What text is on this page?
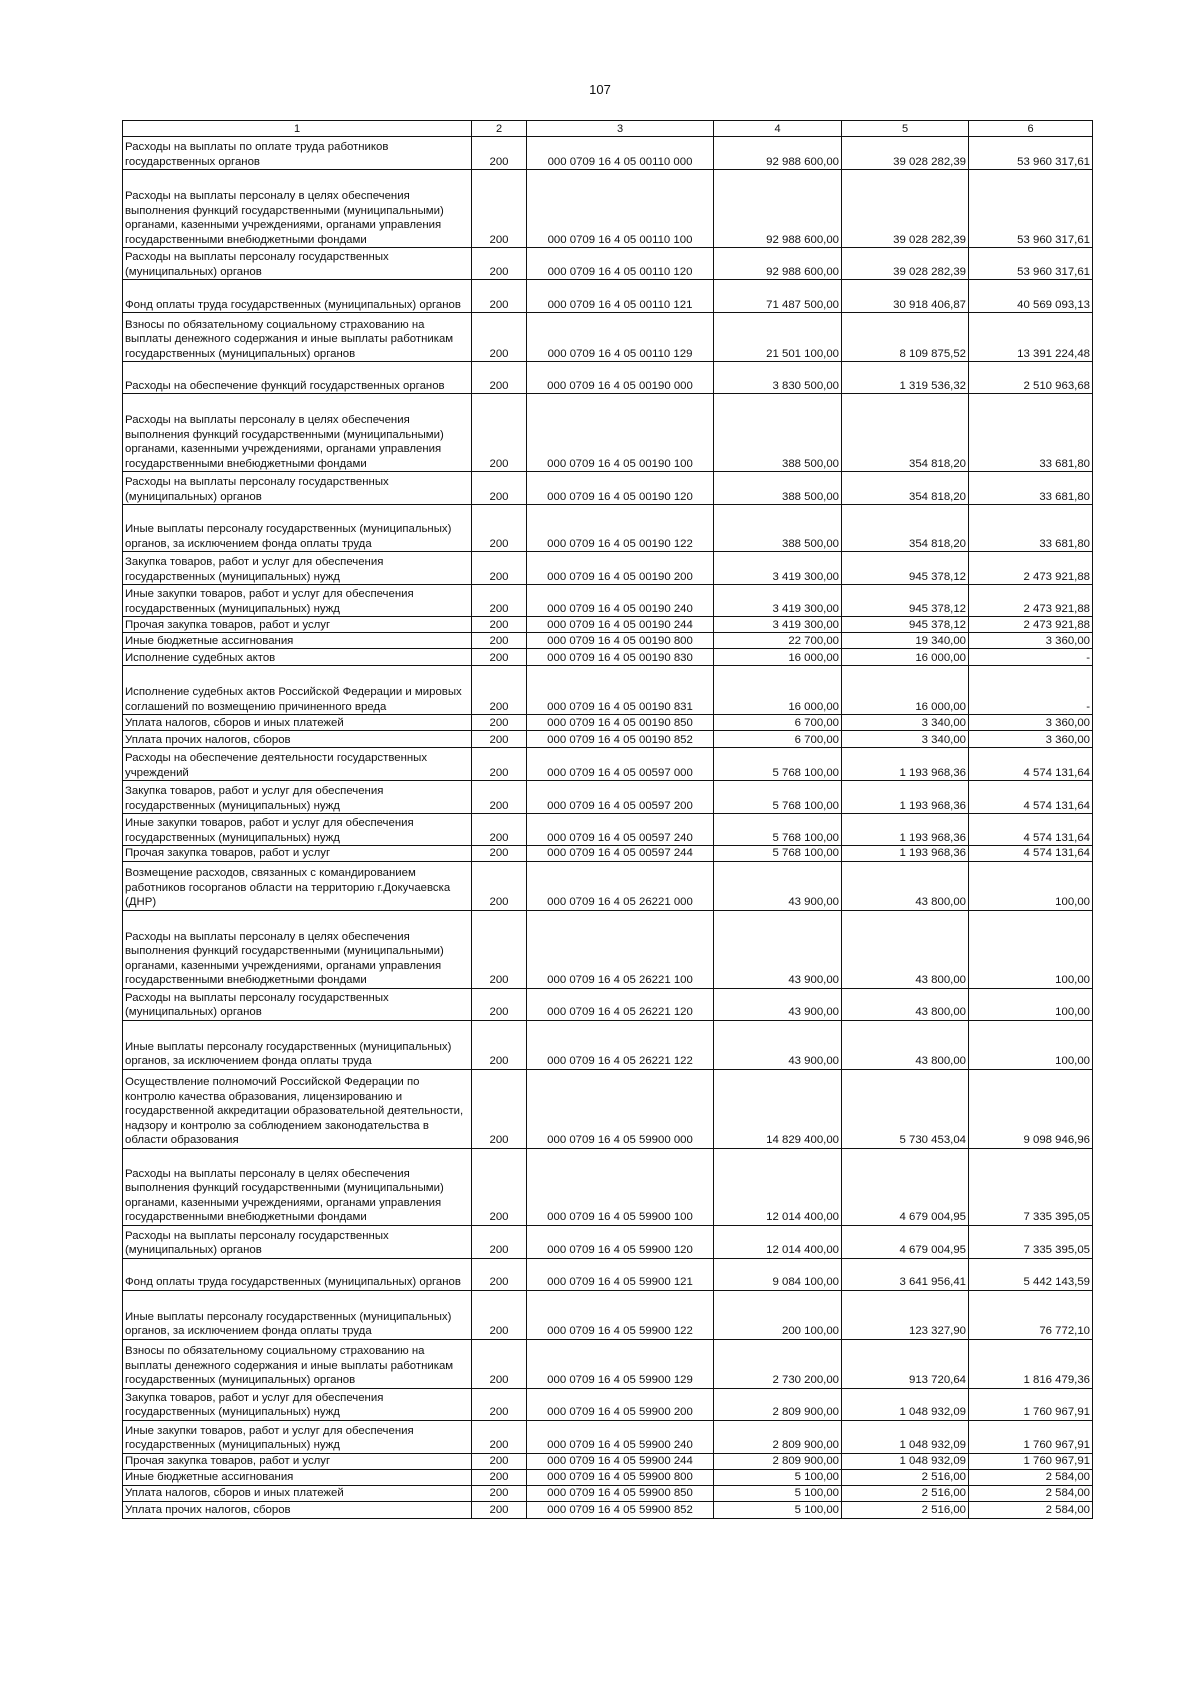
107
1	2	3	4	5	6
Расходы на выплаты по оплате труда работников государственных органов	200	000 0709 16 4 05 00110 000	92 988 600,00	39 028 282,39	53 960 317,61
Расходы на выплаты персоналу в целях обеспечения выполнения функций государственными (муниципальными) органами, казенными учреждениями, органами управления государственными внебюджетными фондами	200	000 0709 16 4 05 00110 100	92 988 600,00	39 028 282,39	53 960 317,61
Расходы на выплаты персоналу государственных (муниципальных) органов	200	000 0709 16 4 05 00110 120	92 988 600,00	39 028 282,39	53 960 317,61
Фонд оплаты труда государственных (муниципальных) органов	200	000 0709 16 4 05 00110 121	71 487 500,00	30 918 406,87	40 569 093,13
Взносы по обязательному социальному страхованию на выплаты денежного содержания и иные выплаты работникам государственных (муниципальных) органов	200	000 0709 16 4 05 00110 129	21 501 100,00	8 109 875,52	13 391 224,48
Расходы на обеспечение функций государственных органов	200	000 0709 16 4 05 00190 000	3 830 500,00	1 319 536,32	2 510 963,68
Расходы на выплаты персоналу в целях обеспечения выполнения функций государственными (муниципальными) органами, казенными учреждениями, органами управления государственными внебюджетными фондами	200	000 0709 16 4 05 00190 100	388 500,00	354 818,20	33 681,80
Расходы на выплаты персоналу государственных (муниципальных) органов	200	000 0709 16 4 05 00190 120	388 500,00	354 818,20	33 681,80
Иные выплаты персоналу государственных (муниципальных) органов, за исключением фонда оплаты труда	200	000 0709 16 4 05 00190 122	388 500,00	354 818,20	33 681,80
Закупка товаров, работ и услуг для обеспечения государственных (муниципальных) нужд	200	000 0709 16 4 05 00190 200	3 419 300,00	945 378,12	2 473 921,88
Иные закупки товаров, работ и услуг для обеспечения государственных (муниципальных) нужд	200	000 0709 16 4 05 00190 240	3 419 300,00	945 378,12	2 473 921,88
Прочая закупка товаров, работ и услуг	200	000 0709 16 4 05 00190 244	3 419 300,00	945 378,12	2 473 921,88
Иные бюджетные ассигнования	200	000 0709 16 4 05 00190 800	22 700,00	19 340,00	3 360,00
Исполнение судебных актов	200	000 0709 16 4 05 00190 830	16 000,00	16 000,00	-
Исполнение судебных актов Российской Федерации и мировых соглашений по возмещению причиненного вреда	200	000 0709 16 4 05 00190 831	16 000,00	16 000,00	-
Уплата налогов, сборов и иных платежей	200	000 0709 16 4 05 00190 850	6 700,00	3 340,00	3 360,00
Уплата прочих налогов, сборов	200	000 0709 16 4 05 00190 852	6 700,00	3 340,00	3 360,00
Расходы на обеспечение деятельности государственных учреждений	200	000 0709 16 4 05 00597 000	5 768 100,00	1 193 968,36	4 574 131,64
Закупка товаров, работ и услуг для обеспечения государственных (муниципальных) нужд	200	000 0709 16 4 05 00597 200	5 768 100,00	1 193 968,36	4 574 131,64
Иные закупки товаров, работ и услуг для обеспечения государственных (муниципальных) нужд	200	000 0709 16 4 05 00597 240	5 768 100,00	1 193 968,36	4 574 131,64
Прочая закупка товаров, работ и услуг	200	000 0709 16 4 05 00597 244	5 768 100,00	1 193 968,36	4 574 131,64
Возмещение расходов, связанных с командированием работников госорганов области на территорию г.Докучаевска (ДНР)	200	000 0709 16 4 05 26221 000	43 900,00	43 800,00	100,00
Расходы на выплаты персоналу в целях обеспечения выполнения функций государственными (муниципальными) органами, казенными учреждениями, органами управления государственными внебюджетными фондами	200	000 0709 16 4 05 26221 100	43 900,00	43 800,00	100,00
Расходы на выплаты персоналу государственных (муниципальных) органов	200	000 0709 16 4 05 26221 120	43 900,00	43 800,00	100,00
Иные выплаты персоналу государственных (муниципальных) органов, за исключением фонда оплаты труда	200	000 0709 16 4 05 26221 122	43 900,00	43 800,00	100,00
Осуществление полномочий Российской Федерации по контролю качества образования, лицензированию и государственной аккредитации образовательной деятельности, надзору и контролю за соблюдением законодательства в области образования	200	000 0709 16 4 05 59900 000	14 829 400,00	5 730 453,04	9 098 946,96
Расходы на выплаты персоналу в целях обеспечения выполнения функций государственными (муниципальными) органами, казенными учреждениями, органами управления государственными внебюджетными фондами	200	000 0709 16 4 05 59900 100	12 014 400,00	4 679 004,95	7 335 395,05
Расходы на выплаты персоналу государственных (муниципальных) органов	200	000 0709 16 4 05 59900 120	12 014 400,00	4 679 004,95	7 335 395,05
Фонд оплаты труда государственных (муниципальных) органов	200	000 0709 16 4 05 59900 121	9 084 100,00	3 641 956,41	5 442 143,59
Иные выплаты персоналу государственных (муниципальных) органов, за исключением фонда оплаты труда	200	000 0709 16 4 05 59900 122	200 100,00	123 327,90	76 772,10
Взносы по обязательному социальному страхованию на выплаты денежного содержания и иные выплаты работникам государственных (муниципальных) органов	200	000 0709 16 4 05 59900 129	2 730 200,00	913 720,64	1 816 479,36
Закупка товаров, работ и услуг для обеспечения государственных (муниципальных) нужд	200	000 0709 16 4 05 59900 200	2 809 900,00	1 048 932,09	1 760 967,91
Иные закупки товаров, работ и услуг для обеспечения государственных (муниципальных) нужд	200	000 0709 16 4 05 59900 240	2 809 900,00	1 048 932,09	1 760 967,91
Прочая закупка товаров, работ и услуг	200	000 0709 16 4 05 59900 244	2 809 900,00	1 048 932,09	1 760 967,91
Иные бюджетные ассигнования	200	000 0709 16 4 05 59900 800	5 100,00	2 516,00	2 584,00
Уплата налогов, сборов и иных платежей	200	000 0709 16 4 05 59900 850	5 100,00	2 516,00	2 584,00
Уплата прочих налогов, сборов	200	000 0709 16 4 05 59900 852	5 100,00	2 516,00	2 584,00
